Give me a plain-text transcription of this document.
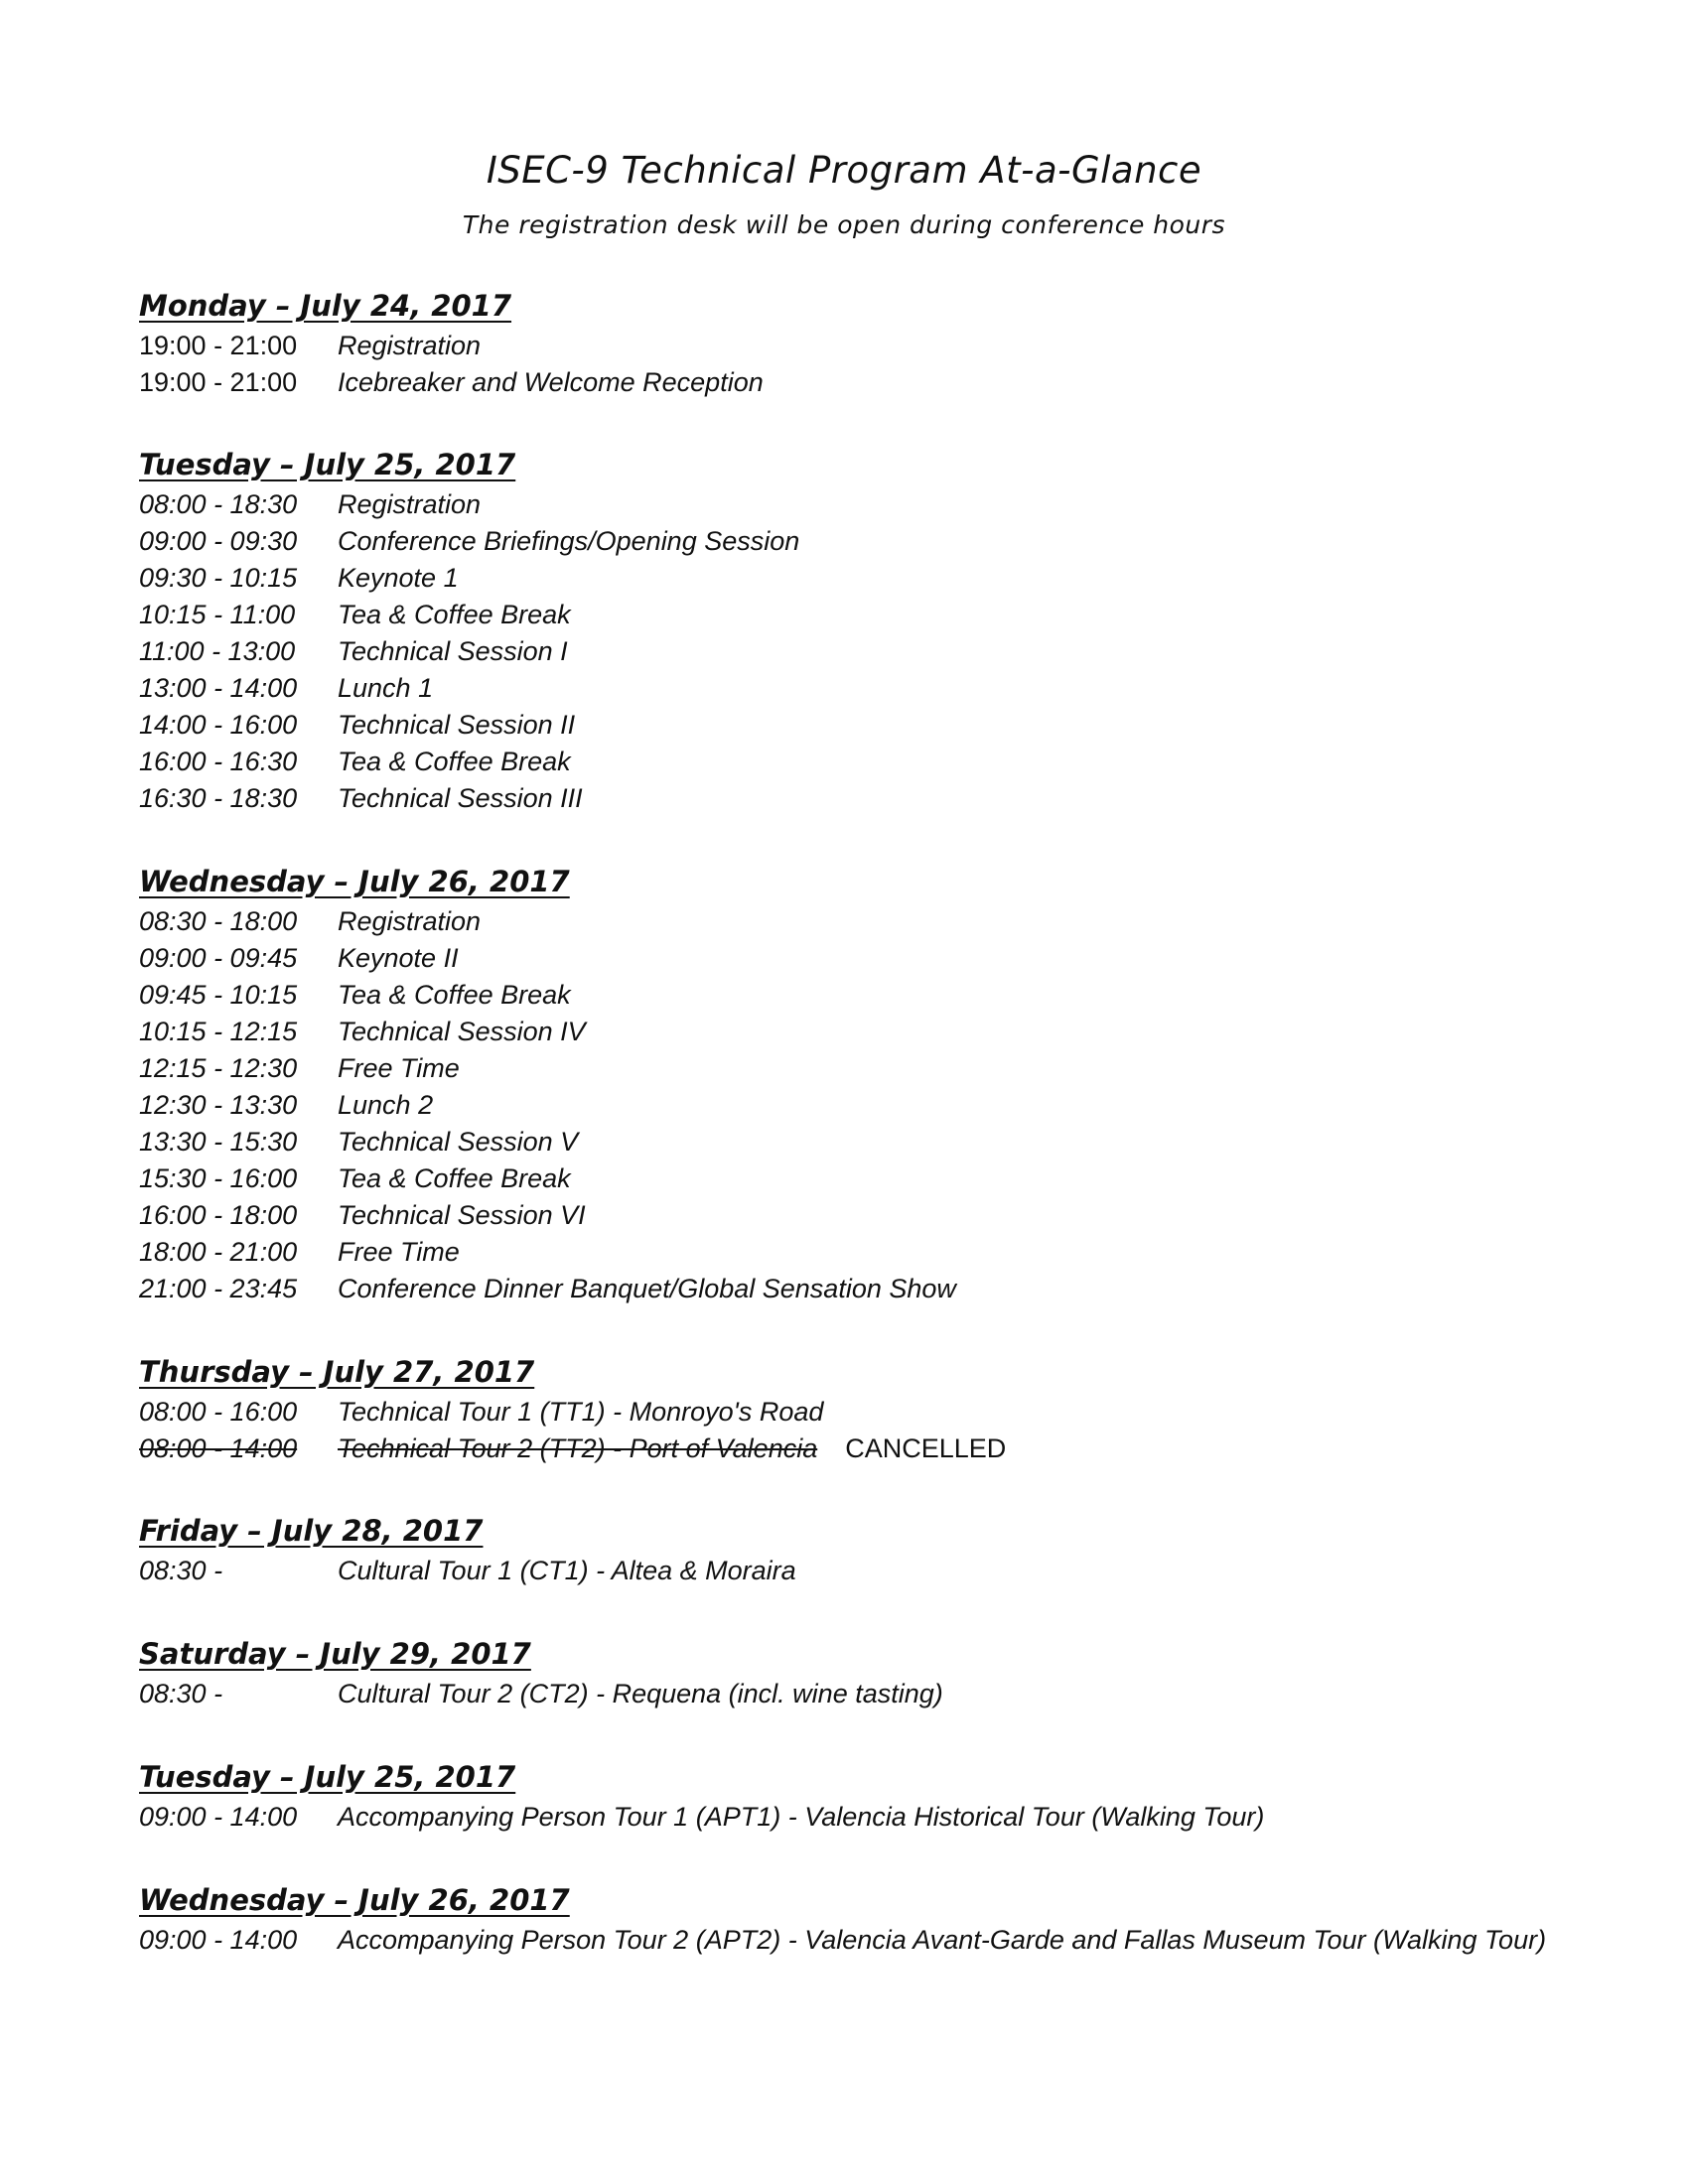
ISEC-9 Technical Program At-a-Glance
The registration desk will be open during conference hours
Monday – July 24, 2017
19:00 - 21:00 Registration
19:00 - 21:00 Icebreaker and Welcome Reception
Tuesday – July 25, 2017
08:00 - 18:30 Registration
09:00 - 09:30 Conference Briefings/Opening Session
09:30 - 10:15 Keynote 1
10:15 - 11:00 Tea & Coffee Break
11:00 - 13:00 Technical Session I
13:00 - 14:00 Lunch 1
14:00 - 16:00 Technical Session II
16:00 - 16:30 Tea & Coffee Break
16:30 - 18:30 Technical Session III
Wednesday – July 26, 2017
08:30 - 18:00 Registration
09:00 - 09:45 Keynote II
09:45 - 10:15 Tea & Coffee Break
10:15 - 12:15 Technical Session IV
12:15 - 12:30 Free Time
12:30 - 13:30 Lunch 2
13:30 - 15:30 Technical Session V
15:30 - 16:00 Tea & Coffee Break
16:00 - 18:00 Technical Session VI
18:00 - 21:00 Free Time
21:00 - 23:45 Conference Dinner Banquet/Global Sensation Show
Thursday – July 27, 2017
08:00 - 16:00 Technical Tour 1 (TT1) - Monroyo's Road
08:00 - 14:00 Technical Tour 2 (TT2) - Port of Valencia CANCELLED
Friday – July 28, 2017
08:30 -	Cultural Tour 1 (CT1) - Altea & Moraira
Saturday – July 29, 2017
08:30 -	Cultural Tour 2 (CT2) - Requena (incl. wine tasting)
Tuesday – July 25, 2017
09:00 - 14:00 Accompanying Person Tour 1 (APT1) - Valencia Historical Tour (Walking Tour)
Wednesday – July 26, 2017
09:00 - 14:00 Accompanying Person Tour 2 (APT2) - Valencia Avant-Garde and Fallas Museum Tour (Walking Tour)
